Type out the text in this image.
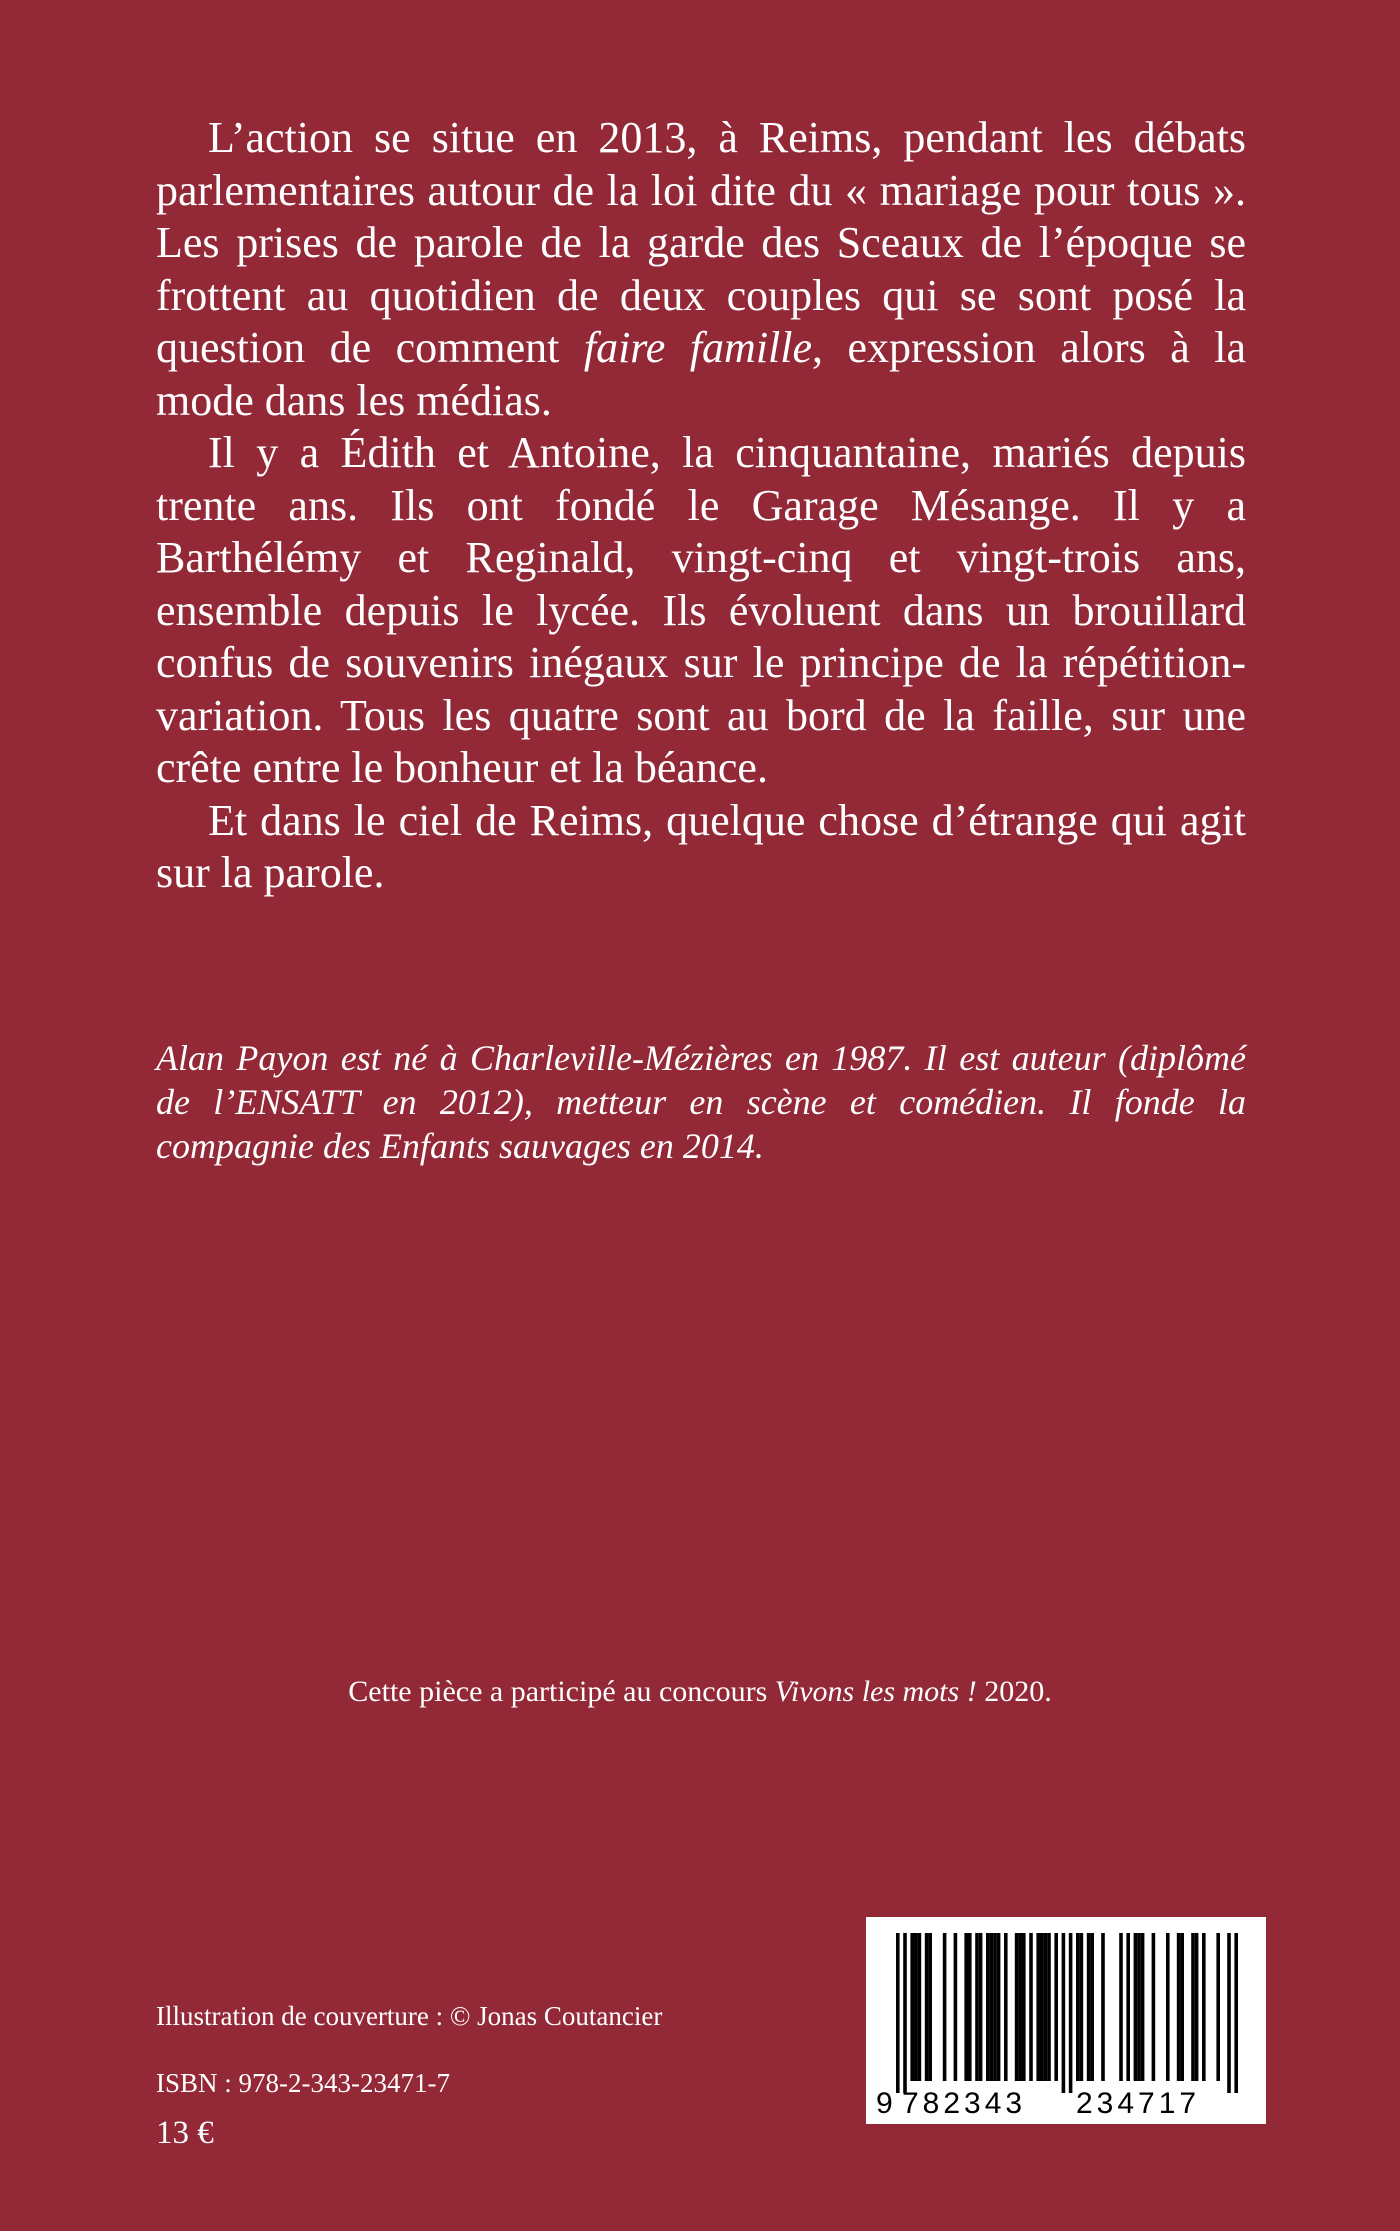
L’action se situe en 2013, à Reims, pendant les débats parlementaires autour de la loi dite du « mariage pour tous ». Les prises de parole de la garde des Sceaux de l’époque se frottent au quotidien de deux couples qui se sont posé la question de comment faire famille, expression alors à la mode dans les médias.

Il y a Édith et Antoine, la cinquantaine, mariés depuis trente ans. Ils ont fondé le Garage Mésange. Il y a Barthélémy et Reginald, vingt-cinq et vingt-trois ans, ensemble depuis le lycée. Ils évoluent dans un brouillard confus de souvenirs inégaux sur le principe de la répétition-variation. Tous les quatre sont au bord de la faille, sur une crête entre le bonheur et la béance.

Et dans le ciel de Reims, quelque chose d’étrange qui agit sur la parole.

Alan Payon est né à Charleville-Mézières en 1987. Il est auteur (diplômé de l’ENSATT en 2012), metteur en scène et comédien. Il fonde la compagnie des Enfants sauvages en 2014.

Cette pièce a participé au concours Vivons les mots ! 2020.

Illustration de couverture : © Jonas Coutancier

ISBN : 978-2-343-23471-7

13 €

9 782343 234717
